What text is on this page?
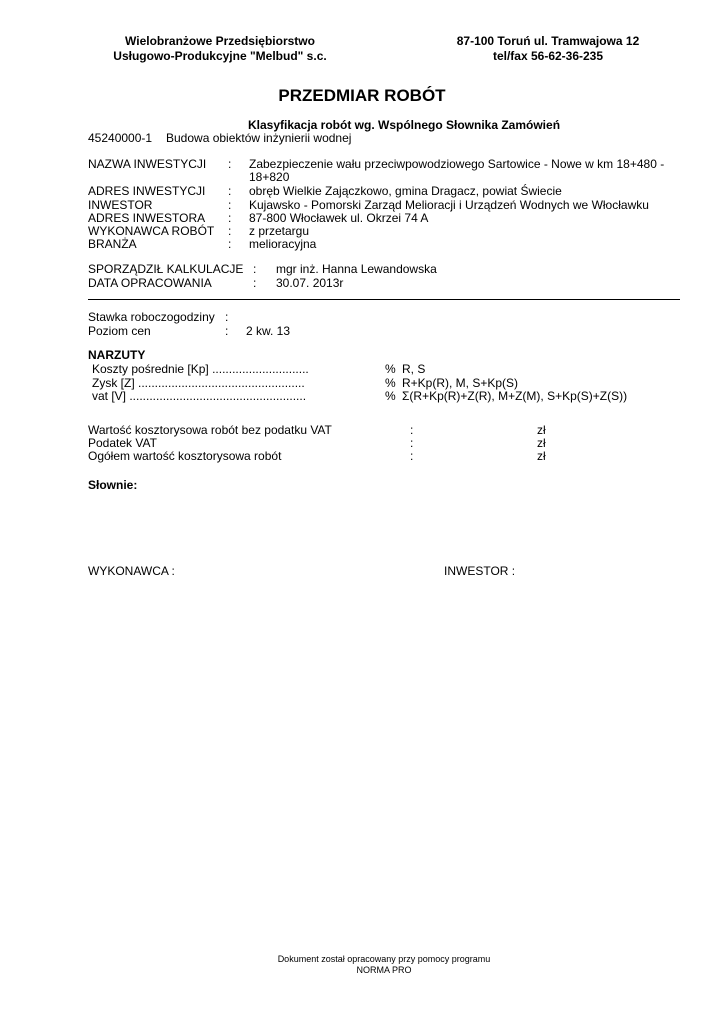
Wielobranżowe Przedsiębiorstwo
Usługowo-Produkcyjne "Melbud" s.c.
87-100 Toruń ul. Tramwajowa 12
tel/fax 56-62-36-235
PRZEDMIAR ROBÓT
Klasyfikacja robót wg. Wspólnego Słownika Zamówień
45240000-1 Budowa obiektów inżynierii wodnej
NAZWA INWESTYCJI : Zabezpieczenie wału przeciwpowodziowego Sartowice - Nowe w km 18+480 -
18+820
ADRES INWESTYCJI : obręb Wielkie Zajączkowo, gmina Dragacz, powiat Świecie
INWESTOR	: Kujawsko - Pomorski Zarząd Melioracji i Urządzeń Wodnych we Włocławku
ADRES INWESTORA : 87-800 Włocławek ul. Okrzei 74 A
WYKONAWCA ROBÓT : z przetargu
BRANŻA	: melioracyjna
SPORZĄDZIŁ KALKULACJE : mgr inż. Hanna Lewandowska
DATA OPRACOWANIA	: 30.07. 2013r
Stawka roboczogodziny :
Poziom cen	: 2 kw. 13
NARZUTY
Koszty pośrednie [Kp] .............................	% R, S
Zysk [Z] ..................................................	% R+Kp(R), M, S+Kp(S)
vat [V] .....................................................	% Σ(R+Kp(R)+Z(R), M+Z(M), S+Kp(S)+Z(S))
Wartość kosztorysowa robót bez podatku VAT	:	zł
Podatek VAT	:	zł
Ogółem wartość kosztorysowa robót	:	zł
Słownie:
WYKONAWCA :	INWESTOR :
Dokument został opracowany przy pomocy programu
NORMA PRO
